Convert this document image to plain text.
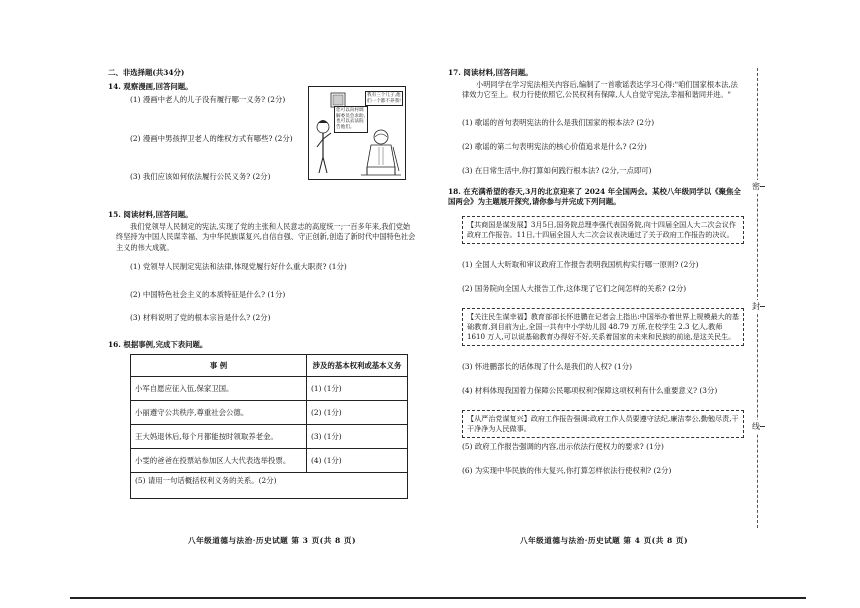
二、非选择题(共34分)
14. 观察漫画,回答问题。
(1) 漫画中老人的儿子没有履行哪一义务? (2分)
(2) 漫画中男孩捍卫老人的维权方式有哪些? (2分)
(3) 我们应该如何依法履行公民义务? (2分)
您可以向村调解委员会求助,也可以去法院告他们。
我有三个儿子,他们一个都不养我!
15. 阅读材料,回答问题。
我们党领导人民制定的宪法,实现了党的主张和人民意志的高度统一;一百多年来,我们党始终坚持为中国人民谋幸福、为中华民族谋复兴,自信自强、守正创新,创造了新时代中国特色社会主义的伟大成就。
(1) 党领导人民制定宪法和法律,体现党履行好什么重大职责? (1分)
(2) 中国特色社会主义的本质特征是什么? (1分)
(3) 材料说明了党的根本宗旨是什么? (2分)
16. 根据事例,完成下表问题。
事 例	涉及的基本权利或基本义务
小军自愿应征入伍,保家卫国。	(1) (1分)
小丽遵守公共秩序,尊重社会公德。	(2) (1分)
王大妈退休后,每个月都能按时领取养老金。	(3) (1分)
小雯的爸爸在投票站参加区人大代表选举投票。	(4) (1分)
(5) 请用一句话概括权利义务的关系。(2分)	
八年级道德与法治·历史试题 第 3 页(共 8 页)
17. 阅读材料,回答问题。
小明同学在学习宪法相关内容后,编制了一首歌谣表达学习心得:"咱们国家根本法,法律效力它至上。权力行使依照它,公民权利有保障,人人自觉守宪法,幸福和谐同并进。"
(1) 歌谣的首句表明宪法的什么是我们国家的根本法? (2分)
(2) 歌谣的第二句表明宪法的核心价值追求是什么? (2分)
(3) 在日常生活中,你打算如何践行根本法? (2分,一点即可)
18. 在充满希望的春天,3月的北京迎来了 2024 年全国两会。某校八年级同学以《聚焦全国两会》为主题展开探究,请你参与并完成下列问题。
【共商国是谋发展】3月5日,国务院总理李强代表国务院,向十四届全国人大二次会议作政府工作报告。11日,十四届全国人大二次会议表决通过了关于政府工作报告的决议。
(1) 全国人大听取和审议政府工作报告表明我国机构实行哪一原则? (2分)
(2) 国务院向全国人大报告工作,这体现了它们之间怎样的关系? (2分)
【关注民生谋幸福】教育部部长怀进鹏在记者会上指出:中国举办着世界上规模最大的基础教育,到目前为止,全国一共有中小学幼儿园 48.79 万所,在校学生 2.3 亿人,教师 1610 万人,可以说基础教育办得好不好,关系着国家的未来和民族的前途,是这关民生。
(3) 怀进鹏部长的话体现了什么是我们的人权? (1分)
(4) 材料体现我国着力保障公民哪项权利?保障这项权利有什么重要意义? (3分)
【从严治党谋复兴】政府工作报告强调:政府工作人员要遵守法纪,廉洁奉公,勤勉尽责,干干净净为人民做事。
(5) 政府工作报告强调的内容,出示依法行使权力的要求? (1分)
(6) 为实现中华民族的伟大复兴,你打算怎样依法行使权利? (2分)
八年级道德与法治·历史试题 第 4 页(共 8 页)
密
封
线
